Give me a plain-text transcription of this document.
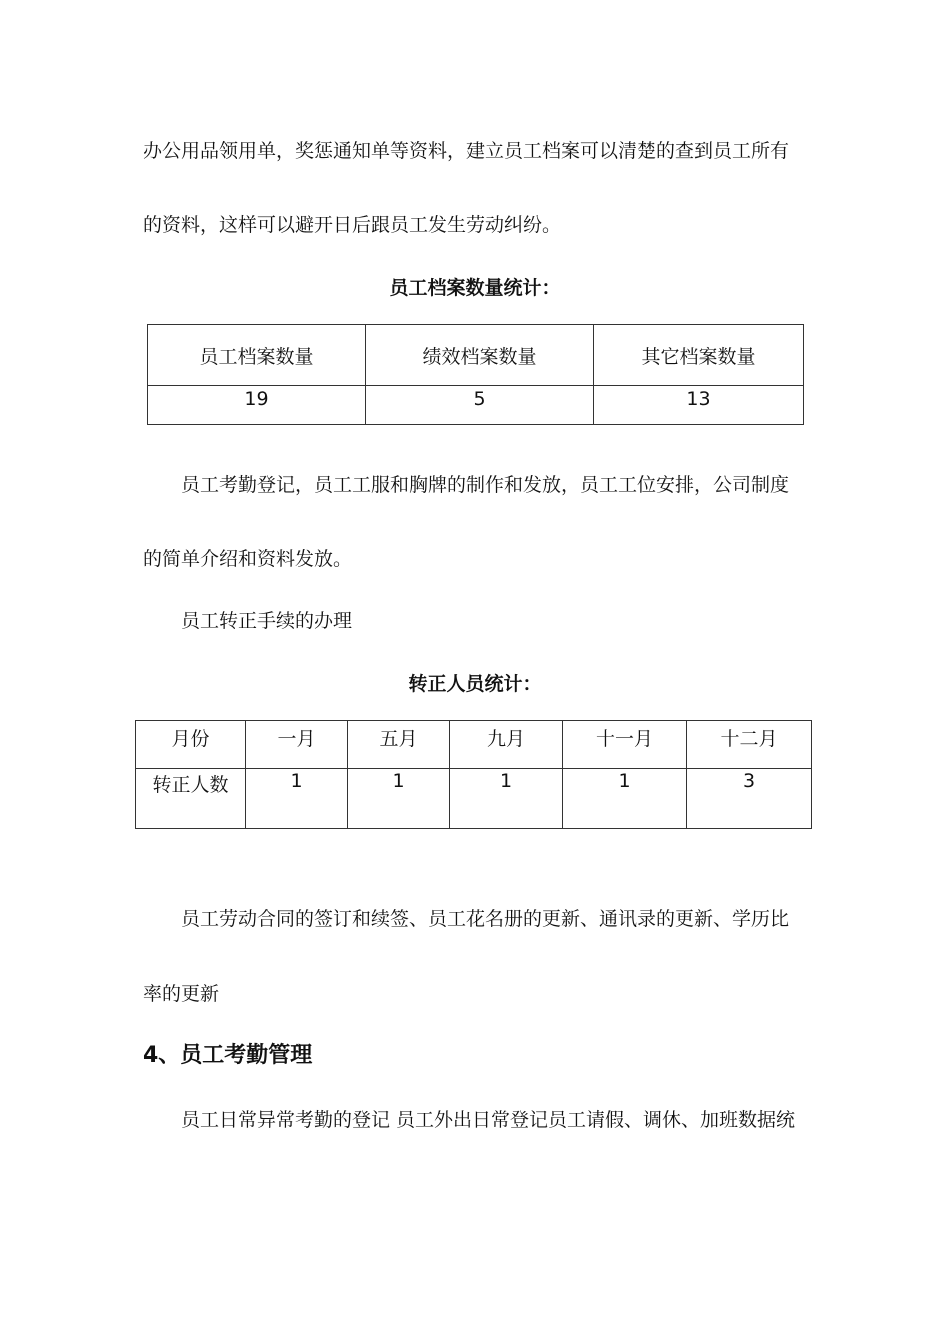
办公用品领用单，奖惩通知单等资料，建立员工档案可以清楚的查到员工所有
的资料，这样可以避开日后跟员工发生劳动纠纷。
员工档案数量统计：
员工档案数量	绩效档案数量	其它档案数量
19	5	13
员工考勤登记，员工工服和胸牌的制作和发放，员工工位安排，公司制度
的简单介绍和资料发放。
员工转正手续的办理
转正人员统计：
月份	一月	五月	九月	十一月	十二月
转正人数	1	1	1	1	3
员工劳动合同的签订和续签、员工花名册的更新、通讯录的更新、学历比
率的更新
4、员工考勤管理
员工日常异常考勤的登记 员工外出日常登记员工请假、调休、加班数据统
